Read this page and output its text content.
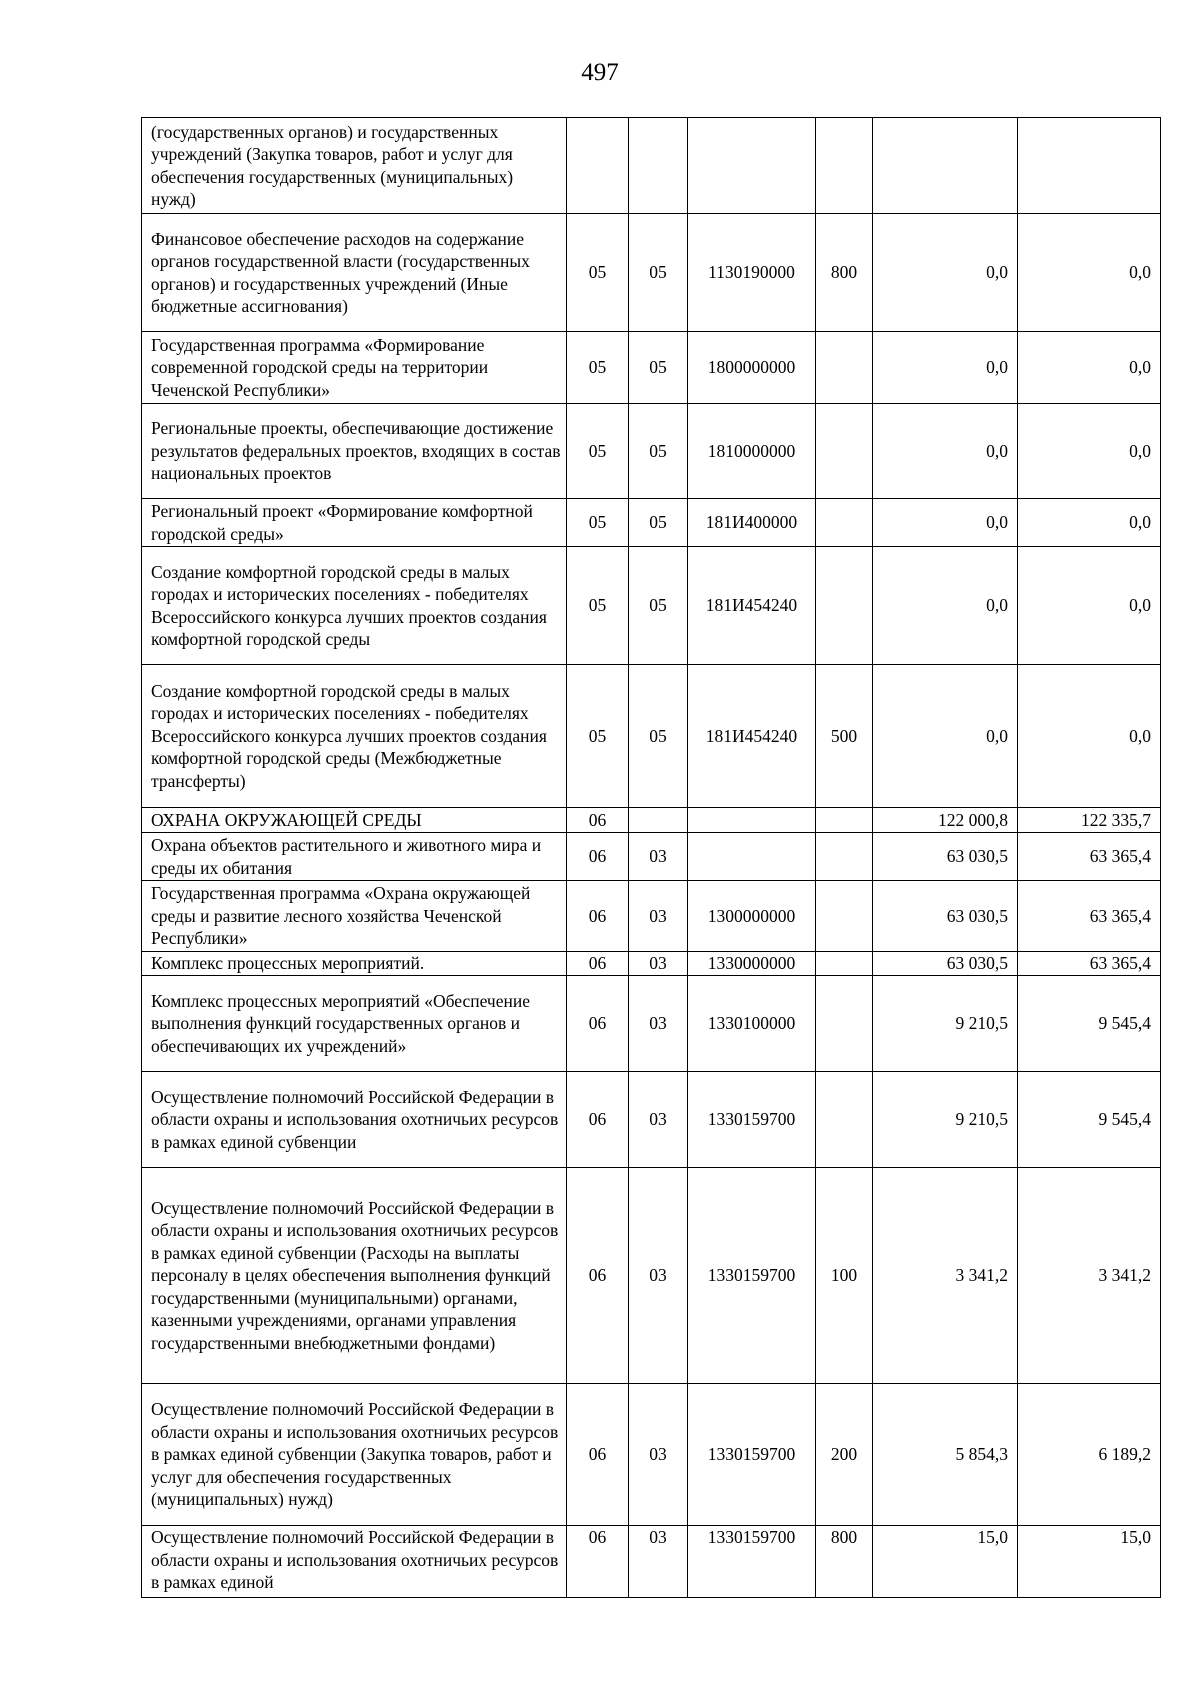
497
(государственных органов) и государственных учреждений (Закупка товаров, работ и услуг для обеспечения государственных (муниципальных) нужд)						
Финансовое обеспечение расходов на содержание органов государственной власти (государственных органов) и государственных учреждений (Иные бюджетные ассигнования)	05	05	1130190000	800	0,0	0,0
Государственная программа «Формирование современной городской среды на территории Чеченской Республики»	05	05	1800000000		0,0	0,0
Региональные проекты, обеспечивающие достижение результатов федеральных проектов, входящих в состав национальных проектов	05	05	1810000000		0,0	0,0
Региональный проект «Формирование комфортной городской среды»	05	05	181И400000		0,0	0,0
Создание комфортной городской среды в малых городах и исторических поселениях - победителях Всероссийского конкурса лучших проектов создания комфортной городской среды	05	05	181И454240		0,0	0,0
Создание комфортной городской среды в малых городах и исторических поселениях - победителях Всероссийского конкурса лучших проектов создания комфортной городской среды (Межбюджетные трансферты)	05	05	181И454240	500	0,0	0,0
ОХРАНА ОКРУЖАЮЩЕЙ СРЕДЫ	06				122 000,8	122 335,7
Охрана объектов растительного и животного мира и среды их обитания	06	03			63 030,5	63 365,4
Государственная программа «Охрана окружающей среды и развитие лесного хозяйства Чеченской Республики»	06	03	1300000000		63 030,5	63 365,4
Комплекс процессных мероприятий.	06	03	1330000000		63 030,5	63 365,4
Комплекс процессных мероприятий «Обеспечение выполнения функций государственных органов и обеспечивающих их учреждений»	06	03	1330100000		9 210,5	9 545,4
Осуществление полномочий Российской Федерации в области охраны и использования охотничьих ресурсов в рамках единой субвенции	06	03	1330159700		9 210,5	9 545,4
Осуществление полномочий Российской Федерации в области охраны и использования охотничьих ресурсов в рамках единой субвенции (Расходы на выплаты персоналу в целях обеспечения выполнения функций государственными (муниципальными) органами, казенными учреждениями, органами управления государственными внебюджетными фондами)	06	03	1330159700	100	3 341,2	3 341,2
Осуществление полномочий Российской Федерации в области охраны и использования охотничьих ресурсов в рамках единой субвенции (Закупка товаров, работ и услуг для обеспечения государственных (муниципальных) нужд)	06	03	1330159700	200	5 854,3	6 189,2
Осуществление полномочий Российской Федерации в области охраны и использования охотничьих ресурсов в рамках единой	06	03	1330159700	800	15,0	15,0
